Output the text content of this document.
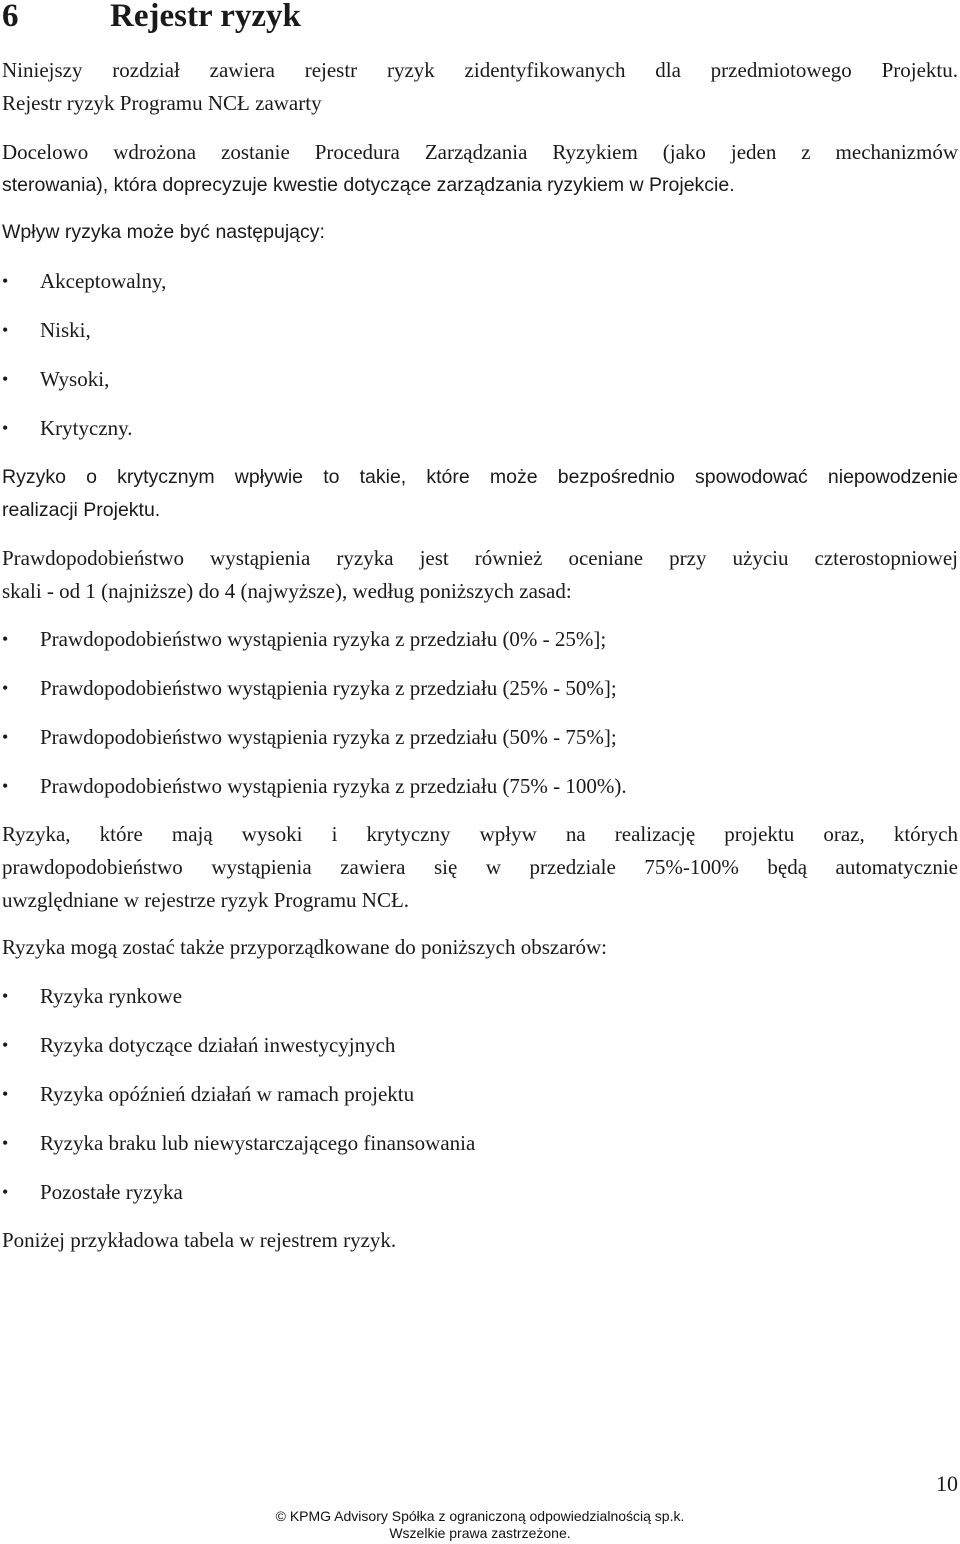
6	Rejestr ryzyk
Niniejszy rozdział zawiera rejestr ryzyk zidentyfikowanych dla przedmiotowego Projektu.
Rejestr ryzyk Programu NCŁ zawarty
Docelowo wdrożona zostanie Procedura Zarządzania Ryzykiem (jako jeden z mechanizmów
sterowania), która doprecyzuje kwestie dotyczące zarządzania ryzykiem w Projekcie.
Wpływ ryzyka może być następujący:
•	Akceptowalny,
•	Niski,
•	Wysoki,
•	Krytyczny.
Ryzyko o krytycznym wpływie to takie, które może bezpośrednio spowodować niepowodzenie
realizacji Projektu.
Prawdopodobieństwo wystąpienia ryzyka jest również oceniane przy użyciu czterostopniowej
skali - od 1 (najniższe) do 4 (najwyższe), według poniższych zasad:
•	Prawdopodobieństwo wystąpienia ryzyka z przedziału (0% - 25%];
•	Prawdopodobieństwo wystąpienia ryzyka z przedziału (25% - 50%];
•	Prawdopodobieństwo wystąpienia ryzyka z przedziału (50% - 75%];
•	Prawdopodobieństwo wystąpienia ryzyka z przedziału (75% - 100%).
Ryzyka, które mają wysoki i krytyczny wpływ na realizację projektu oraz, których
prawdopodobieństwo wystąpienia zawiera się w przedziale 75%-100% będą automatycznie
uwzględniane w rejestrze ryzyk Programu NCŁ.
Ryzyka mogą zostać także przyporządkowane do poniższych obszarów:
•	Ryzyka rynkowe
•	Ryzyka dotyczące działań inwestycyjnych
•	Ryzyka opóźnień działań w ramach projektu
•	Ryzyka braku lub niewystarczającego finansowania
•	Pozostałe ryzyka
Poniżej przykładowa tabela w rejestrem ryzyk.
10
© KPMG Advisory Spółka z ograniczoną odpowiedzialnością sp.k.
Wszelkie prawa zastrzeżone.
